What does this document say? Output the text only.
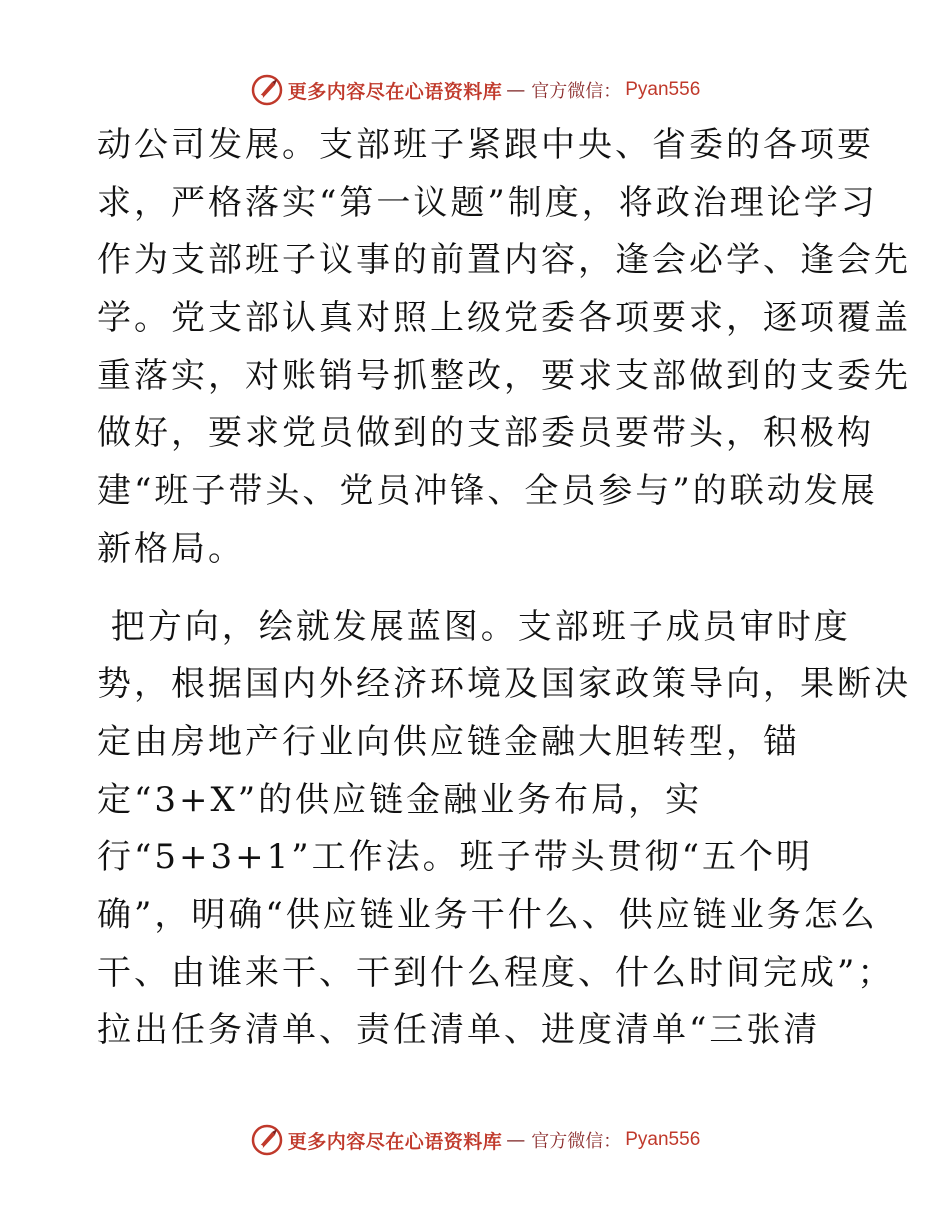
更多内容尽在心语资料库 — 官方微信： Pyan556

动公司发展。支部班子紧跟中央、省委的各项要
求，严格落实“第一议题”制度，将政治理论学习
作为支部班子议事的前置内容，逢会必学、逢会先
学。党支部认真对照上级党委各项要求，逐项覆盖
重落实，对账销号抓整改，要求支部做到的支委先
做好，要求党员做到的支部委员要带头，积极构
建“班子带头、党员冲锋、全员参与”的联动发展
新格局。

把方向，绘就发展蓝图。支部班子成员审时度
势，根据国内外经济环境及国家政策导向，果断决
定由房地产行业向供应链金融大胆转型，锚
定“3+X”的供应链金融业务布局，实
行“5+3+1”工作法。班子带头贯彻“五个明
确”，明确“供应链业务干什么、供应链业务怎么
干、由谁来干、干到什么程度、什么时间完成”；
拉出任务清单、责任清单、进度清单“三张清

更多内容尽在心语资料库 — 官方微信： Pyan556
